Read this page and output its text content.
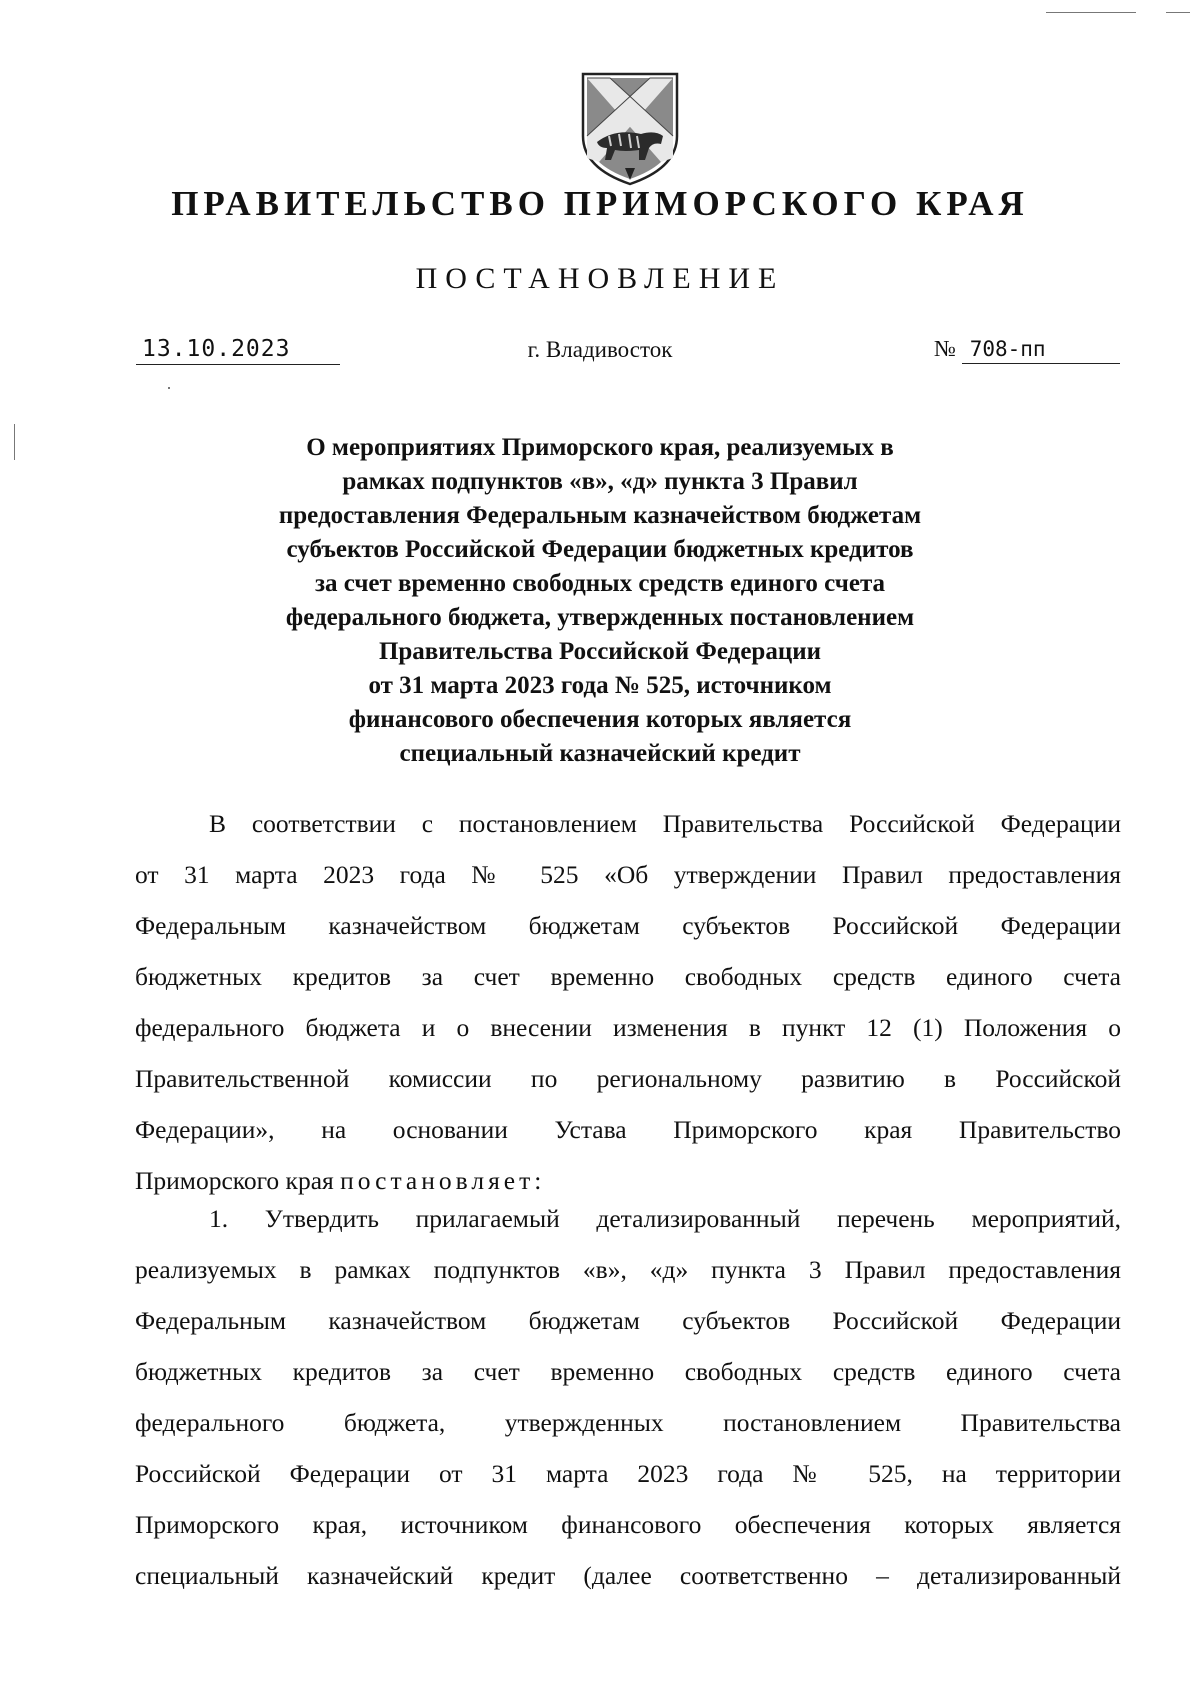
ПРАВИТЕЛЬСТВО ПРИМОРСКОГО КРАЯ
ПОСТАНОВЛЕНИЕ
13.10.2023	г. Владивосток	№ 708-пп
О мероприятиях Приморского края, реализуемых в
рамках подпунктов «в», «д» пункта 3 Правил
предоставления Федеральным казначейством бюджетам
субъектов Российской Федерации бюджетных кредитов
за счет временно свободных средств единого счета
федерального бюджета, утвержденных постановлением
Правительства Российской Федерации
от 31 марта 2023 года № 525, источником
финансового обеспечения которых является
специальный казначейский кредит
В соответствии с постановлением Правительства Российской Федерации
от 31 марта 2023 года № 525 «Об утверждении Правил предоставления
Федеральным казначейством бюджетам субъектов Российской Федерации
бюджетных кредитов за счет временно свободных средств единого счета
федерального бюджета и о внесении изменения в пункт 12 (1) Положения о
Правительственной комиссии по региональному развитию в Российской
Федерации», на основании Устава Приморского края Правительство
Приморского края постановляет:
1. Утвердить прилагаемый детализированный перечень мероприятий,
реализуемых в рамках подпунктов «в», «д» пункта 3 Правил предоставления
Федеральным казначейством бюджетам субъектов Российской Федерации
бюджетных кредитов за счет временно свободных средств единого счета
федерального бюджета, утвержденных постановлением Правительства
Российской Федерации от 31 марта 2023 года № 525, на территории
Приморского края, источником финансового обеспечения которых является
специальный казначейский кредит (далее соответственно – детализированный
